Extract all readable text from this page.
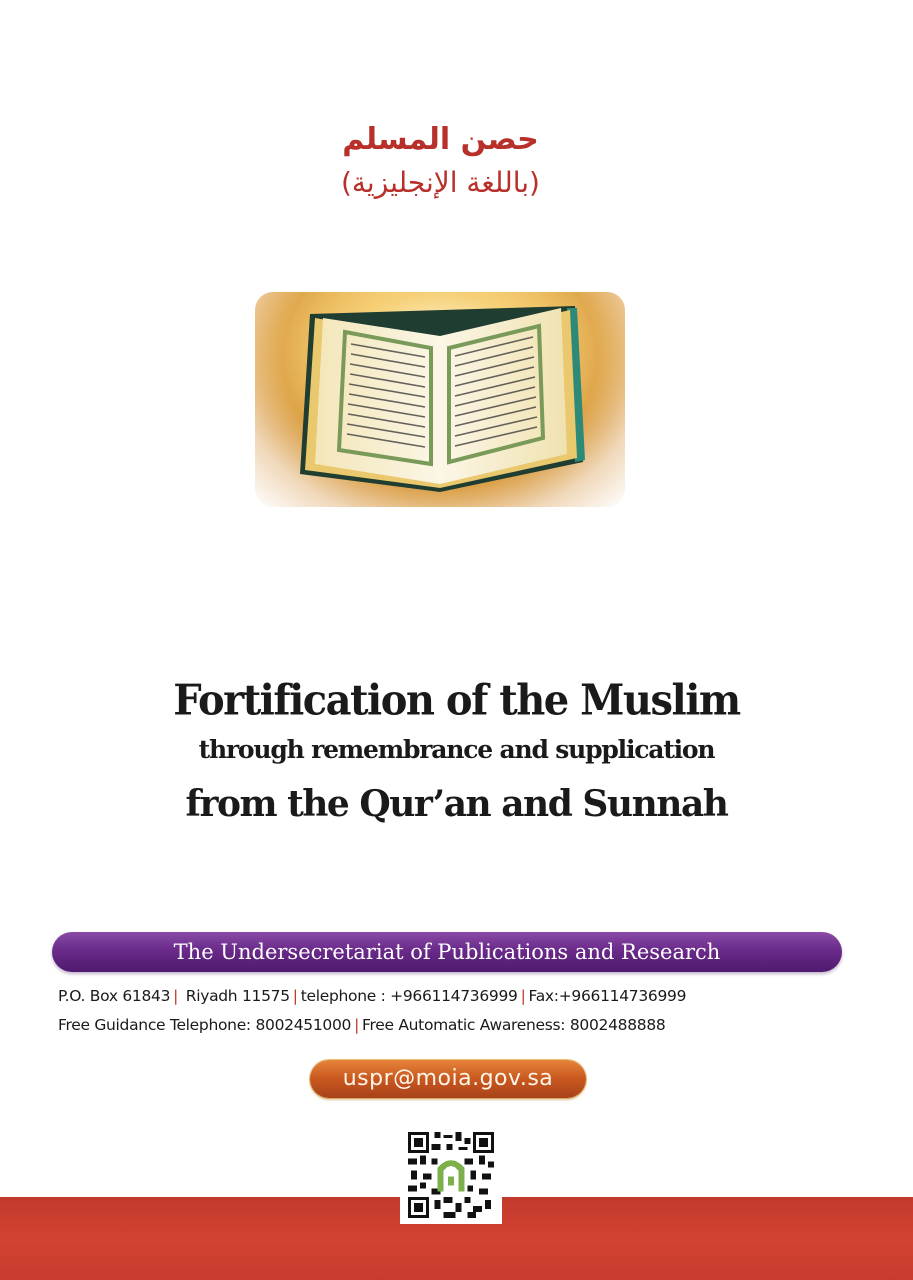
حصن المسلم
(باللغة الإنجليزية)
Fortification of the Muslim
through remembrance and supplication
from the Qur’an and Sunnah
The Undersecretariat of Publications and Research
P.O. Box 61843 | Riyadh 11575 | telephone : +966114736999 | Fax:+966114736999
Free Guidance Telephone: 8002451000 | Free Automatic Awareness: 8002488888
uspr@moia.gov.sa
